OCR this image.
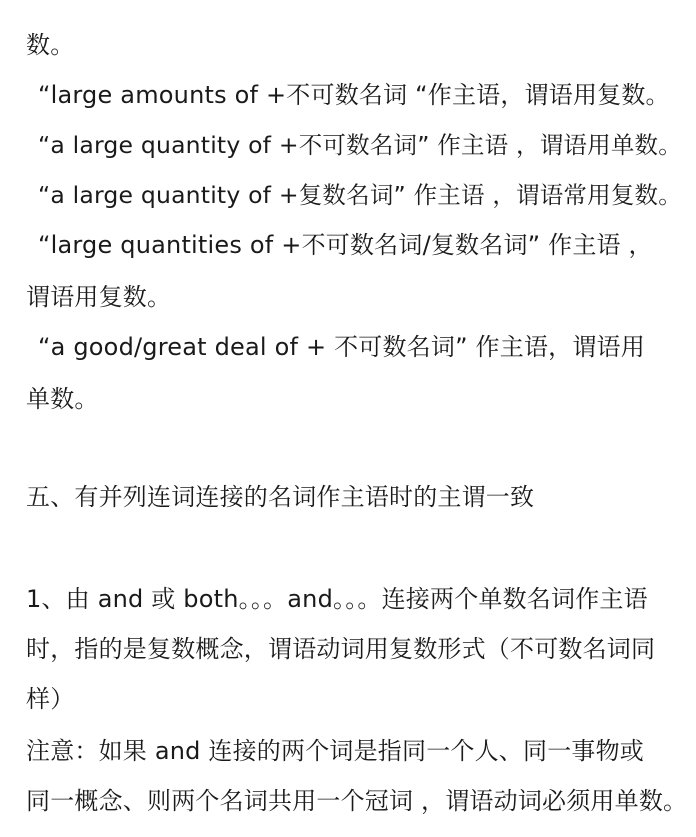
数。
“large amounts of +不可数名词 “作主语，谓语用复数。
“a large quantity of +不可数名词” 作主语 ，谓语用单数。
“a large quantity of +复数名词” 作主语 ，谓语常用复数。
“large quantities of +不可数名词/复数名词” 作主语 ，
谓语用复数。
“a good/great deal of + 不可数名词” 作主语，谓语用
单数。
五、有并列连词连接的名词作主语时的主谓一致
1、由 and 或 both。。。and。。。连接两个单数名词作主语
时，指的是复数概念，谓语动词用复数形式（不可数名词同
样）
注意：如果 and 连接的两个词是指同一个人、同一事物或
同一概念、则两个名词共用一个冠词 ，谓语动词必须用单数。
